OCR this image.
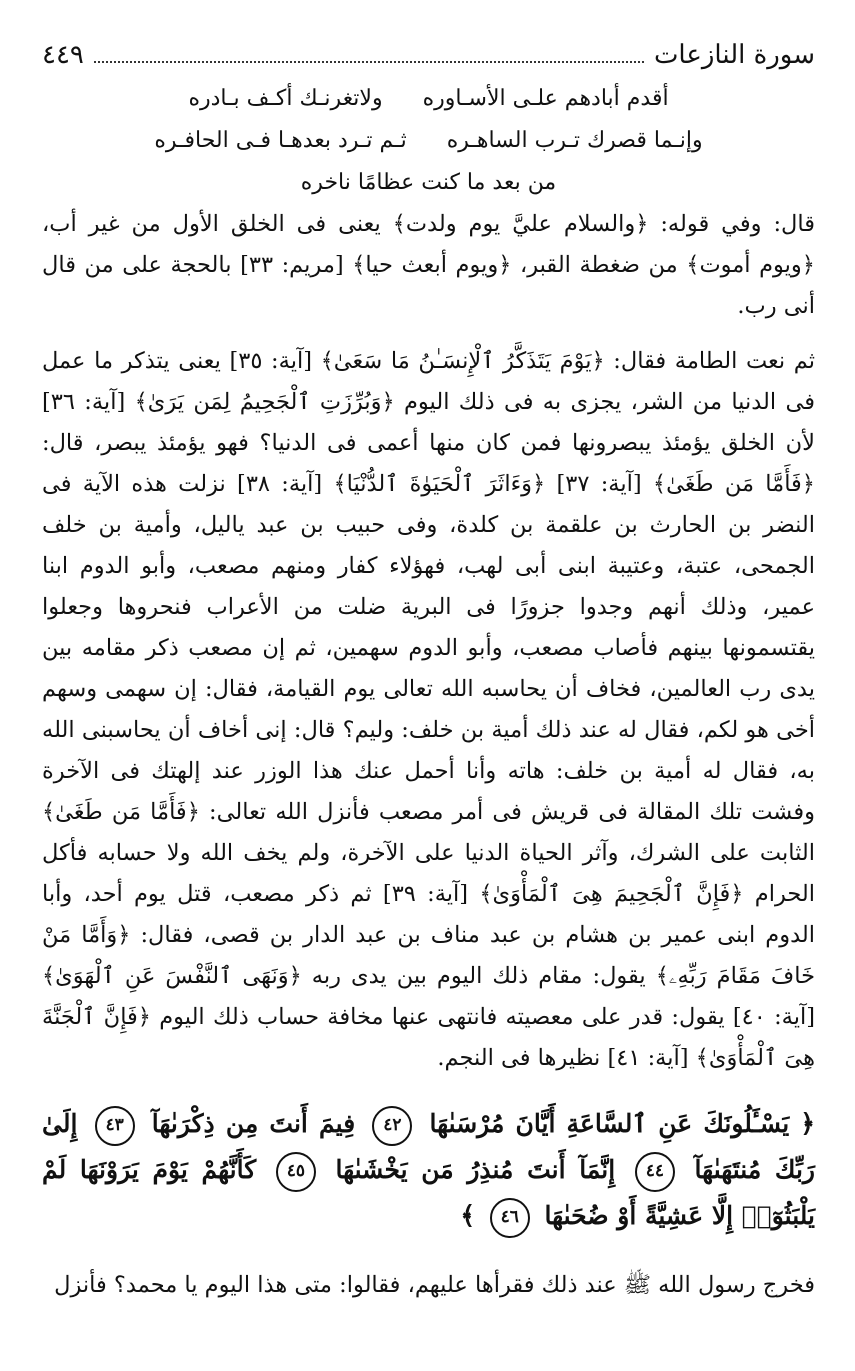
سورة النازعات
٤٤٩
أقدم أبادهم علـى الأسـاوره
ولاتغرنـك أكـف بـادره
وإنـما قصرك تـرب الساهـره
ثـم تـرد بعدهـا فـى الحافـره
من بعد ما كنت عظامًا ناخره

قال: وفي قوله: ﴿والسلام عليَّ يوم ولدت﴾ يعنى فى الخلق الأول من غير أب، ﴿ويوم أموت﴾ من ضغطة القبر، ﴿ويوم أبعث حيا﴾ [مريم: ٣٣] بالحجة على من قال أنى رب.

ثم نعت الطامة فقال: ﴿يَوْمَ يَتَذَكَّرُ ٱلْإِنسَـٰنُ مَا سَعَىٰ﴾ [آية: ٣٥] يعنى يتذكر ما عمل فى الدنيا من الشر، يجزى به فى ذلك اليوم ﴿وَبُرِّزَتِ ٱلْجَحِيمُ لِمَن يَرَىٰ﴾ [آية: ٣٦] لأن الخلق يؤمئذ يبصرونها فمن كان منها أعمى فى الدنيا؟ فهو يؤمئذ يبصر، قال: ﴿فَأَمَّا مَن طَغَىٰ﴾ [آية: ٣٧] ﴿وَءَاثَرَ ٱلْحَيَوٰةَ ٱلدُّنْيَا﴾ [آية: ٣٨] نزلت هذه الآية فى النضر بن الحارث بن علقمة بن كلدة، وفى حبيب بن عبد ياليل، وأمية بن خلف الجمحى، عتبة، وعتيبة ابنى أبى لهب، فهؤلاء كفار ومنهم مصعب، وأبو الدوم ابنا عمير، وذلك أنهم وجدوا جزورًا فى البرية ضلت من الأعراب فنحروها وجعلوا يقتسمونها بينهم فأصاب مصعب، وأبو الدوم سهمين، ثم إن مصعب ذكر مقامه بين يدى رب العالمين، فخاف أن يحاسبه الله تعالى يوم القيامة، فقال: إن سهمى وسهم أخى هو لكم، فقال له عند ذلك أمية بن خلف: وليم؟ قال: إنى أخاف أن يحاسبنى الله به، فقال له أمية بن خلف: هاته وأنا أحمل عنك هذا الوزر عند إلهتك فى الآخرة وفشت تلك المقالة فى قريش فى أمر مصعب فأنزل الله تعالى: ﴿فَأَمَّا مَن طَغَىٰ﴾ الثابت على الشرك، وآثر الحياة الدنيا على الآخرة، ولم يخف الله ولا حسابه فأكل الحرام ﴿فَإِنَّ ٱلْجَحِيمَ هِىَ ٱلْمَأْوَىٰ﴾ [آية: ٣٩] ثم ذكر مصعب، قتل يوم أحد، وأبا الدوم ابنى عمير بن هشام بن عبد مناف بن عبد الدار بن قصى، فقال: ﴿وَأَمَّا مَنْ خَافَ مَقَامَ رَبِّهِۦ﴾ يقول: مقام ذلك اليوم بين يدى ربه ﴿وَنَهَى ٱلنَّفْسَ عَنِ ٱلْهَوَىٰ﴾ [آية: ٤٠] يقول: قدر على معصيته فانتهى عنها مخافة حساب ذلك اليوم ﴿فَإِنَّ ٱلْجَنَّةَ هِىَ ٱلْمَأْوَىٰ﴾ [آية: ٤١] نظيرها فى النجم.

﴿ يَسْـَٔلُونَكَ عَنِ ٱلسَّاعَةِ أَيَّانَ مُرْسَىٰهَا ٤٢ فِيمَ أَنتَ مِن ذِكْرَىٰهَآ ٤٣ إِلَىٰ رَبِّكَ مُنتَهَىٰهَآ ٤٤ إِنَّمَآ أَنتَ مُنذِرُ مَن يَخْشَىٰهَا ٤٥ كَأَنَّهُمْ يَوْمَ يَرَوْنَهَا لَمْ يَلْبَثُوٓا۟ إِلَّا عَشِيَّةً أَوْ ضُحَىٰهَا ٤٦ ﴾
فخرج رسول الله ﷺ عند ذلك فقرأها عليهم، فقالوا: متى هذا اليوم يا محمد؟ فأنزل
